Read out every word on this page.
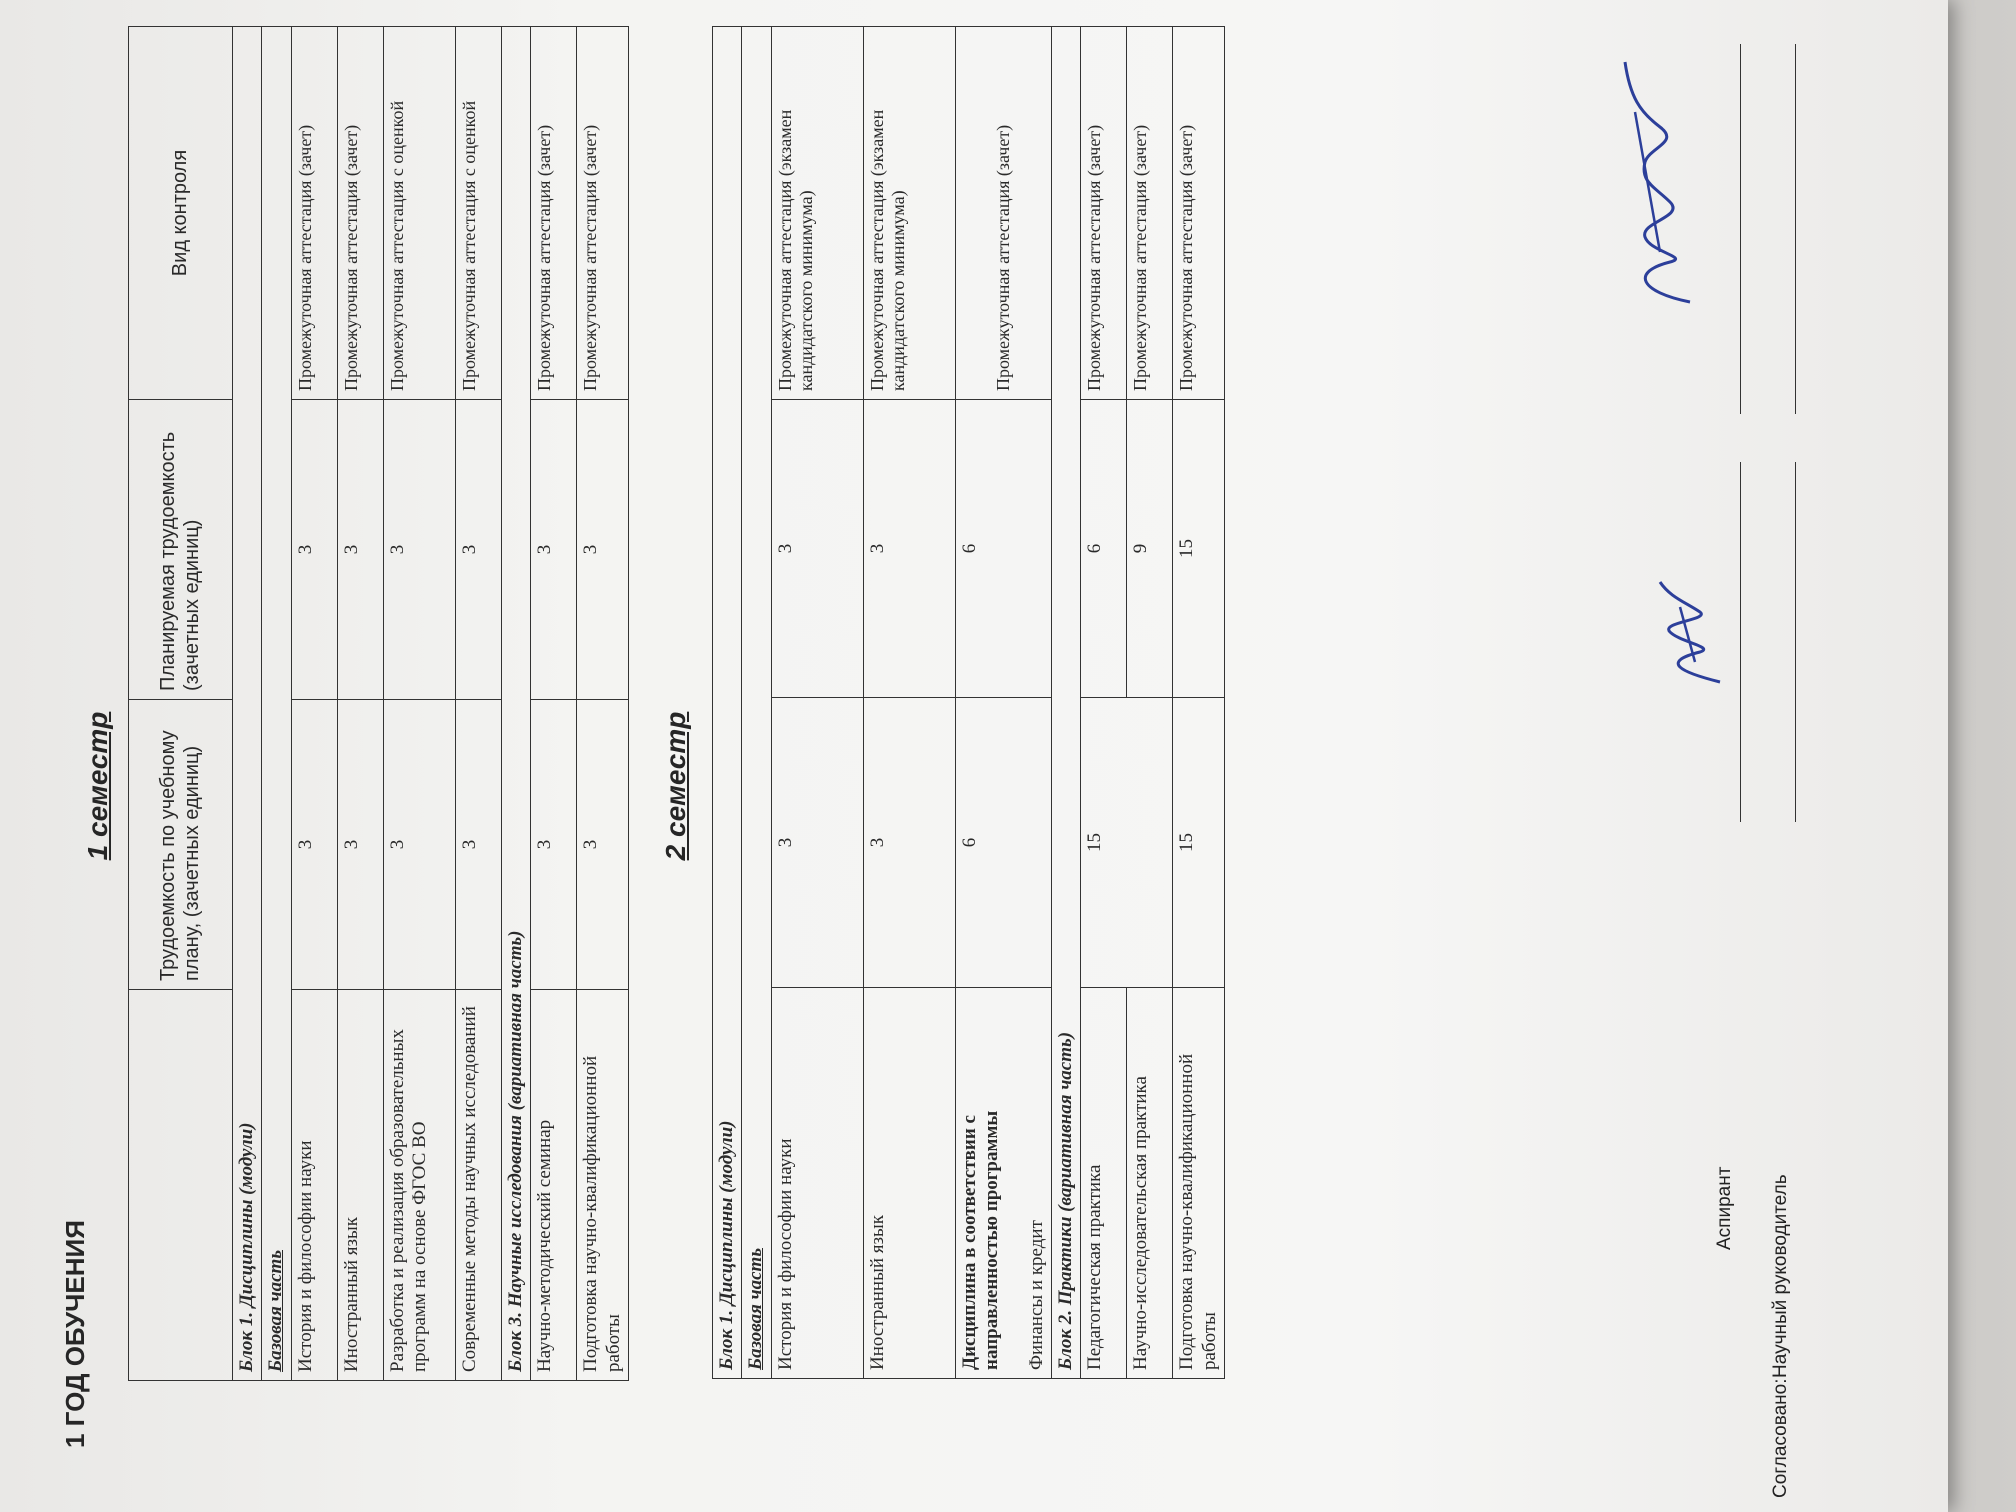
1 ГОД ОБУЧЕНИЯ
1 семестр
	Трудоемкость по учебному плану, (зачетных единиц)	Планируемая трудоемкость (зачетных единиц)	Вид контроля
Блок 1. Дисциплины (модули)			
Базовая часть			
История и философии науки	3	3	Промежуточная аттестация (зачет)
Иностранный язык	3	3	Промежуточная аттестация (зачет)
Разработка и реализация образовательных программ на основе ФГОС ВО	3	3	Промежуточная аттестация с оценкой
Современные методы научных исследований	3	3	Промежуточная аттестация с оценкой
Блок 3. Научные исследования (вариативная часть)			
Научно-методический семинар	3	3	Промежуточная аттестация (зачет)
Подготовка научно-квалификационной работы	3	3	Промежуточная аттестация (зачет)
2 семестр
Блок 1. Дисциплины (модули)			
Базовая часть			
История и философии науки	3	3	Промежуточная аттестация (экзамен кандидатского минимума)
Иностранный язык	3	3	Промежуточная аттестация (экзамен кандидатского минимума)

Дисциплина в соответствии с направленностью программы Финансы и кредит	6	6	Промежуточная аттестация (зачет)
Блок 2. Практики (вариативная часть)			
Педагогическая практика	15	6	Промежуточная аттестация (зачет)
Научно-исследовательская практика		9	Промежуточная аттестация (зачет)
Подготовка научно-квалификационной работы	15	15	Промежуточная аттестация (зачет)
Аспирант
Согласовано:
Научный руководитель
